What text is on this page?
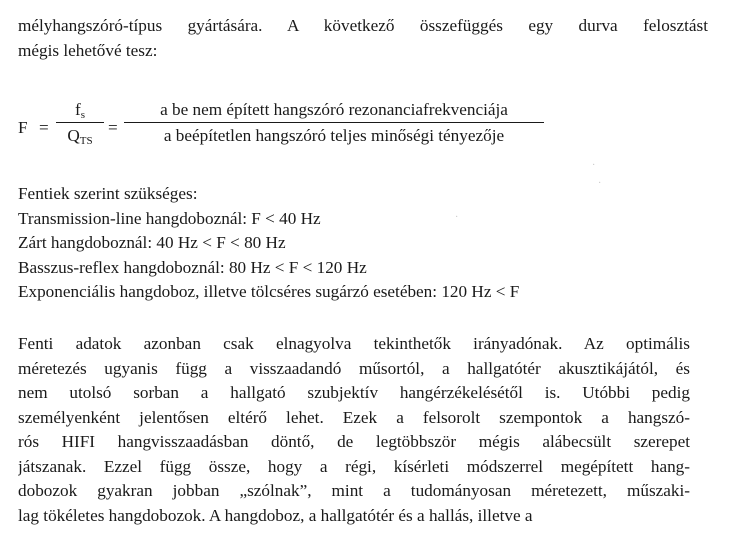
mélyhangszóró-típus gyártására. A következő összefüggés egy durva felosztást
mégis lehetővé tesz:

F =
$f_s$
$Q_{TS}$
=
a be nem épített hangszóró rezonanciafrekvenciája
a beépítetlen hangszóró teljes minőségi tényezője
Fentiek szerint szükséges:
Transmission-line hangdoboznál: F < 40 Hz
Zárt hangdoboznál: 40 Hz < F < 80 Hz
Basszus-reflex hangdoboznál: 80 Hz < F < 120 Hz
Exponenciális hangdoboz, illetve tölcséres sugárzó esetében: 120 Hz < F

Fenti adatok azonban csak elnagyolva tekinthetők irányadónak. Az optimális
méretezés ugyanis függ a visszaadandó műsortól, a hallgatótér akusztikájától, és
nem utolsó sorban a hallgató szubjektív hangérzékelésétől is. Utóbbi pedig
személyenként jelentősen eltérő lehet. Ezek a felsorolt szempontok a hangszó-
rós HIFI hangvisszaadásban döntő, de legtöbbször mégis alábecsült szerepet
játszanak. Ezzel függ össze, hogy a régi, kísérleti módszerrel megépített hang-
dobozok gyakran jobban „szólnak”, mint a tudományosan méretezett, műszaki-
lag tökéletes hangdobozok. A hangdoboz, a hallgatótér és a hallás, illetve a

·
·
·
